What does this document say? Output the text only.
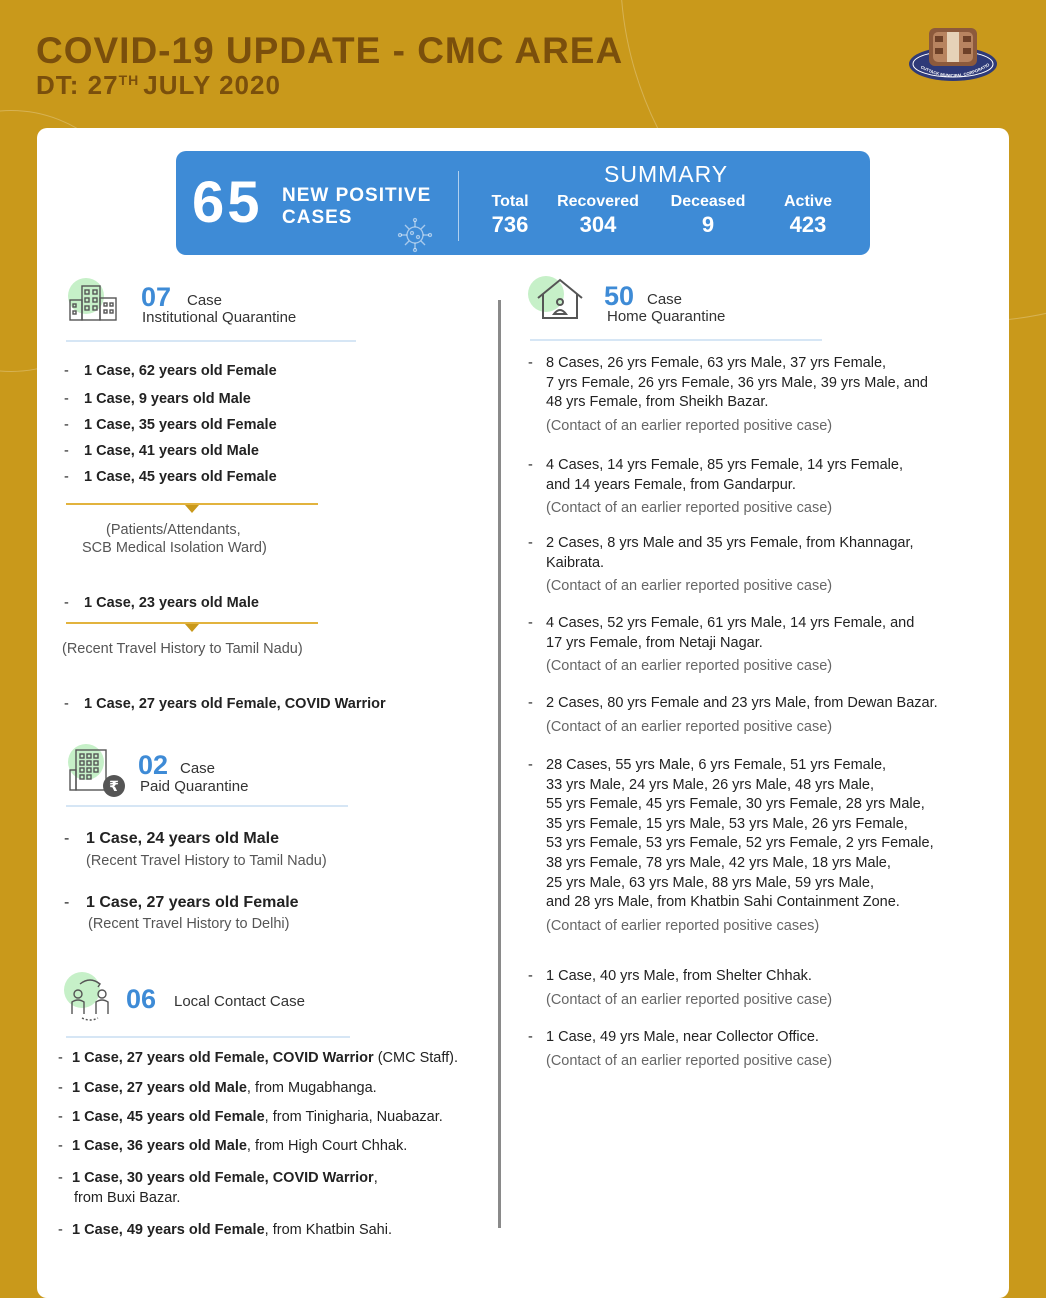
COVID-19 UPDATE - CMC AREA
DT: 27TH JULY 2020
CUTTACK MUNICIPAL CORPORATIO
65 NEW POSITIVE CASES
SUMMARY
Total
736
Recovered
304
Deceased
9
Active
423
07 Case
Institutional Quarantine
- 1 Case, 62 years old Female
- 1 Case, 9 years old Male
- 1 Case, 35 years old Female
- 1 Case, 41 years old Male
- 1 Case, 45 years old Female
(Patients/Attendants,
SCB Medical Isolation Ward)
- 1 Case, 23 years old Male
(Recent Travel History to Tamil Nadu)
- 1 Case, 27 years old Female, COVID Warrior
₹
02 Case
Paid Quarantine
- 1 Case, 24 years old Male
(Recent Travel History to Tamil Nadu)
- 1 Case, 27 years old Female
(Recent Travel History to Delhi)
06 Local Contact Case
- 1 Case, 27 years old Female, COVID Warrior (CMC Staff).
- 1 Case, 27 years old Male, from Mugabhanga.
- 1 Case, 45 years old Female, from Tinigharia, Nuabazar.
- 1 Case, 36 years old Male, from High Court Chhak.
- 1 Case, 30 years old Female, COVID Warrior,
from Buxi Bazar.
- 1 Case, 49 years old Female, from Khatbin Sahi.
50 Case
Home Quarantine
- 8 Cases, 26 yrs Female, 63 yrs Male, 37 yrs Female,
7 yrs Female, 26 yrs Female, 36 yrs Male, 39 yrs Male, and
48 yrs Female, from Sheikh Bazar.
(Contact of an earlier reported positive case)
- 4 Cases, 14 yrs Female, 85 yrs Female, 14 yrs Female,
and 14 years Female, from Gandarpur.
(Contact of an earlier reported positive case)
- 2 Cases, 8 yrs Male and 35 yrs Female, from Khannagar,
Kaibrata.
(Contact of an earlier reported positive case)
- 4 Cases, 52 yrs Female, 61 yrs Male, 14 yrs Female, and
17 yrs Female, from Netaji Nagar.
(Contact of an earlier reported positive case)
- 2 Cases, 80 yrs Female and 23 yrs Male, from Dewan Bazar.
(Contact of an earlier reported positive case)
- 28 Cases, 55 yrs Male, 6 yrs Female, 51 yrs Female,
33 yrs Male, 24 yrs Male, 26 yrs Male, 48 yrs Male,
55 yrs Female, 45 yrs Female, 30 yrs Female, 28 yrs Male,
35 yrs Female, 15 yrs Male, 53 yrs Male, 26 yrs Female,
53 yrs Female, 53 yrs Female, 52 yrs Female, 2 yrs Female,
38 yrs Female, 78 yrs Male, 42 yrs Male, 18 yrs Male,
25 yrs Male, 63 yrs Male, 88 yrs Male, 59 yrs Male,
and 28 yrs Male, from Khatbin Sahi Containment Zone.
(Contact of earlier reported positive cases)
- 1 Case, 40 yrs Male, from Shelter Chhak.
(Contact of an earlier reported positive case)
- 1 Case, 49 yrs Male, near Collector Office.
(Contact of an earlier reported positive case)
